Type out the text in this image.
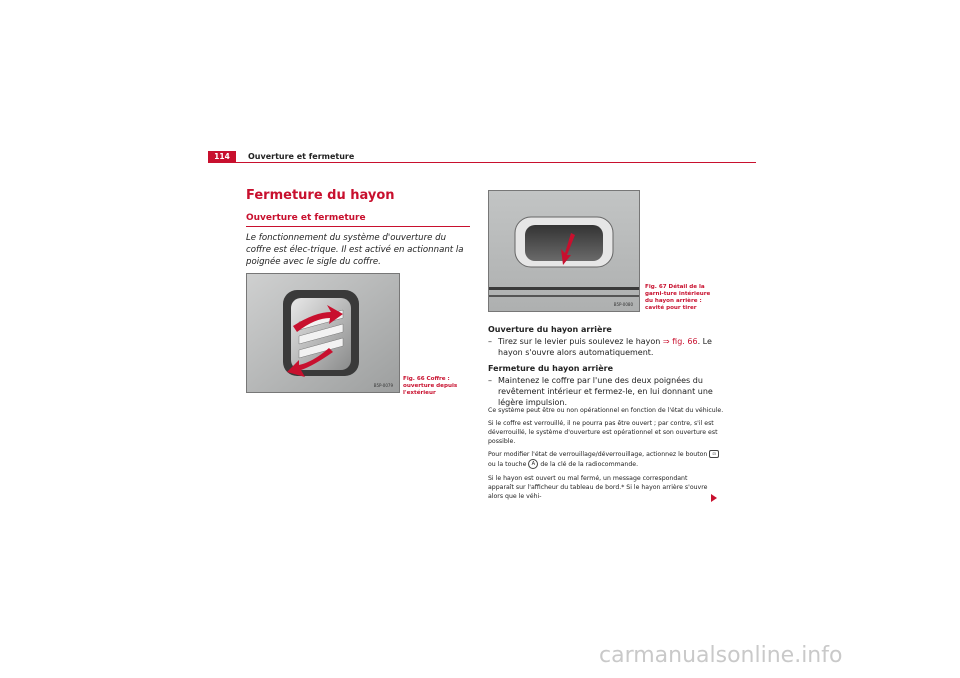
114	Ouverture et fermeture
Fermeture du hayon
Ouverture et fermeture
Le fonctionnement du système d'ouverture du coffre est élec-trique. Il est activé en actionnant la poignée avec le sigle du coffre.
B5P-0079
Fig. 66 Coffre : ouverture depuis l'extérieur
B5P-0080
Fig. 67 Détail de la garni-ture intérieure du hayon arrière : cavité pour tirer
Ouverture du hayon arrière
– Tirez sur le levier puis soulevez le hayon ⇒ fig. 66. Le hayon s'ouvre alors automatiquement.
Fermeture du hayon arrière
– Maintenez le coffre par l'une des deux poignées du revêtement intérieur et fermez-le, en lui donnant une légère impulsion.
Ce système peut être ou non opérationnel en fonction de l'état du véhicule.
Si le coffre est verrouillé, il ne pourra pas être ouvert ; par contre, s'il est déverrouillé, le système d'ouverture est opérationnel et son ouverture est possible.
Pour modifier l'état de verrouillage/déverrouillage, actionnez le bouton ⊡
ou la touche A de la clé de la radiocommande.
Si le hayon est ouvert ou mal fermé, un message correspondant apparaît sur l'afficheur du tableau de bord.* Si le hayon arrière s'ouvre alors que le véhi-
carmanualsonline.info
